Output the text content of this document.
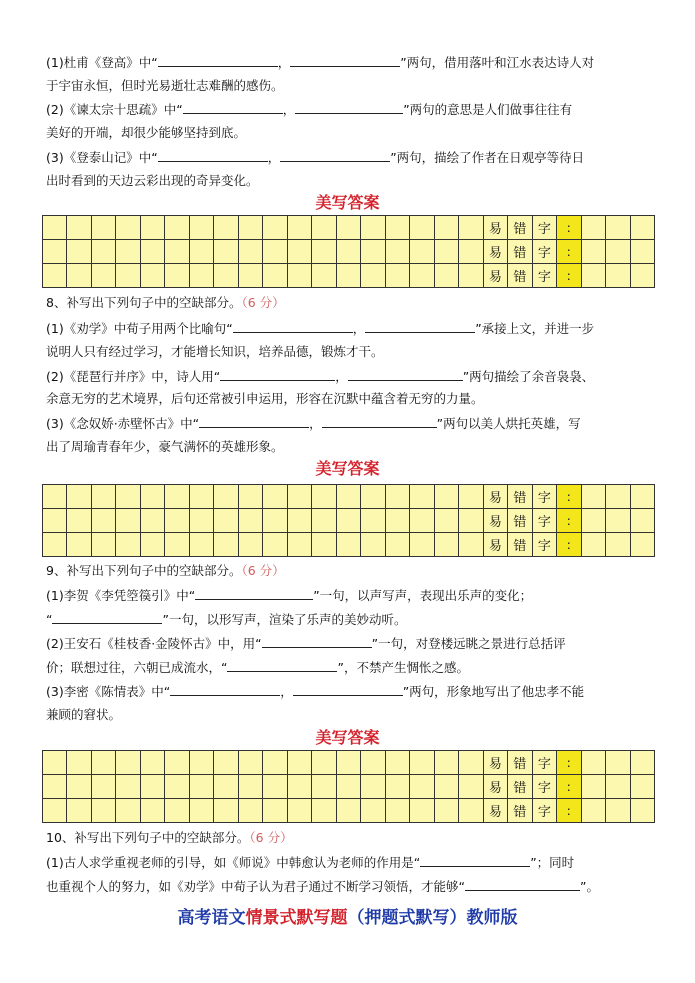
(1)杜甫《登高》中“	，	”两句，借用落叶和江水表达诗人对
于宇宙永恒，但时光易逝壮志难酬的感伤。
(2)《谏太宗十思疏》中“	，	”两句的意思是人们做事往往有
美好的开端，却很少能够坚持到底。
(3)《登泰山记》中“	，	”两句，描绘了作者在日观亭等待日
出时看到的天边云彩出现的奇异变化。
美写答案
易 错 字	:
易 错 字	:
易 错 字	:
8、补写出下列句子中的空缺部分。（6 分）
(1)《劝学》中荀子用两个比喻句“	，	”承接上文，并进一步
说明人只有经过学习，才能增长知识，培养品德，锻炼才干。
(2)《琵琶行并序》中，诗人用“	，	”两句描绘了余音袅袅、
余意无穷的艺术境界，后句还常被引申运用，形容在沉默中蕴含着无穷的力量。
(3)《念奴娇·赤壁怀古》中“	，	”两句以美人烘托英雄，写
出了周瑜青春年少，豪气满怀的英雄形象。
美写答案
易 错 字	:
易 错 字	:
易 错 字	:
9、补写出下列句子中的空缺部分。（6 分）
(1)李贺《李凭箜篌引》中“	”一句，以声写声，表现出乐声的变化；
“	”一句，以形写声，渲染了乐声的美妙动听。
(2)王安石《桂枝香·金陵怀古》中，用“	”一句，对登楼远眺之景进行总括评
价；联想过往，六朝已成流水，“	”，不禁产生惆怅之感。
(3)李密《陈情表》中“	，	”两句，形象地写出了他忠孝不能
兼顾的窘状。
美写答案
易 错 字	:
易 错 字	:
易 错 字	:
10、补写出下列句子中的空缺部分。（6 分）
(1)古人求学重视老师的引导，如《师说》中韩愈认为老师的作用是“	”；同时
也重视个人的努力，如《劝学》中荀子认为君子通过不断学习领悟，才能够“	”。
高考语文情景式默写题（押题式默写）教师版
